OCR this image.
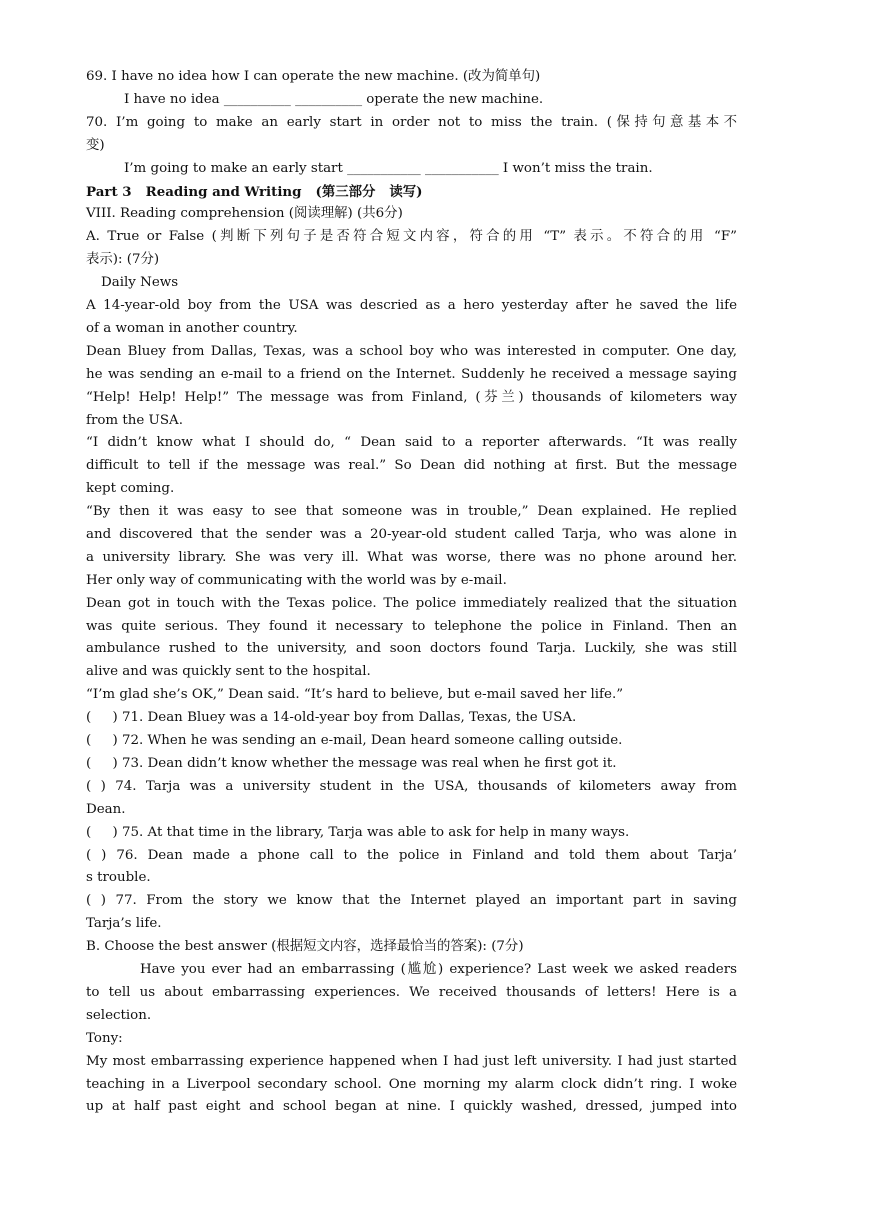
69. I have no idea how I can operate the new machine. (改为简单句)
I have no idea __________ __________ operate the new machine.
70. I’m going to make an early start in order not to miss the train. (保持句意基本不
变)
I’m going to make an early start ___________ ___________ I won’t miss the train.
Part 3   Reading and Writing   (第三部分   读写)
VIII. Reading comprehension (阅读理解) (共6分)
A. True or False (判断下列句子是否符合短文内容，符合的用 “T” 表示。不符合的用 “F”
表示): (7分)
Daily News
A 14-year-old boy from the USA was descried as a hero yesterday after he saved the life
of a woman in another country.
Dean Bluey from Dallas, Texas, was a school boy who was interested in computer. One day,
he was sending an e-mail to a friend on the Internet. Suddenly he received a message saying
“Help! Help! Help!” The message was from Finland, (芬兰) thousands of kilometers way
from the USA.
“I didn’t know what I should do, “ Dean said to a reporter afterwards. “It was really
difficult to tell if the message was real.” So Dean did nothing at first. But the message
kept coming.
“By then it was easy to see that someone was in trouble,” Dean explained. He replied
and discovered that the sender was a 20-year-old student called Tarja, who was alone in
a university library. She was very ill. What was worse, there was no phone around her.
Her only way of communicating with the world was by e-mail.
Dean got in touch with the Texas police. The police immediately realized that the situation
was quite serious. They found it necessary to telephone the police in Finland. Then an
ambulance rushed to the university, and soon doctors found Tarja. Luckily, she was still
alive and was quickly sent to the hospital.
“I’m glad she’s OK,” Dean said. “It’s hard to believe, but e-mail saved her life.”
(     ) 71. Dean Bluey was a 14-old-year boy from Dallas, Texas, the USA.
(     ) 72. When he was sending an e-mail, Dean heard someone calling outside.
(     ) 73. Dean didn’t know whether the message was real when he first got it.
( ) 74. Tarja was a university student in the USA, thousands of kilometers away from
Dean.
(     ) 75. At that time in the library, Tarja was able to ask for help in many ways.
( ) 76. Dean made a phone call to the police in Finland and told them about Tarja’
s trouble.
( ) 77. From the story we know that the Internet played an important part in saving
Tarja’s life.
B. Choose the best answer (根据短文内容，选择最恰当的答案): (7分)
Have you ever had an embarrassing (尴尬) experience? Last week we asked readers
to tell us about embarrassing experiences. We received thousands of letters! Here is a
selection.
Tony:
My most embarrassing experience happened when I had just left university. I had just started
teaching in a Liverpool secondary school. One morning my alarm clock didn’t ring. I woke
up at half past eight and school began at nine. I quickly washed, dressed, jumped into
